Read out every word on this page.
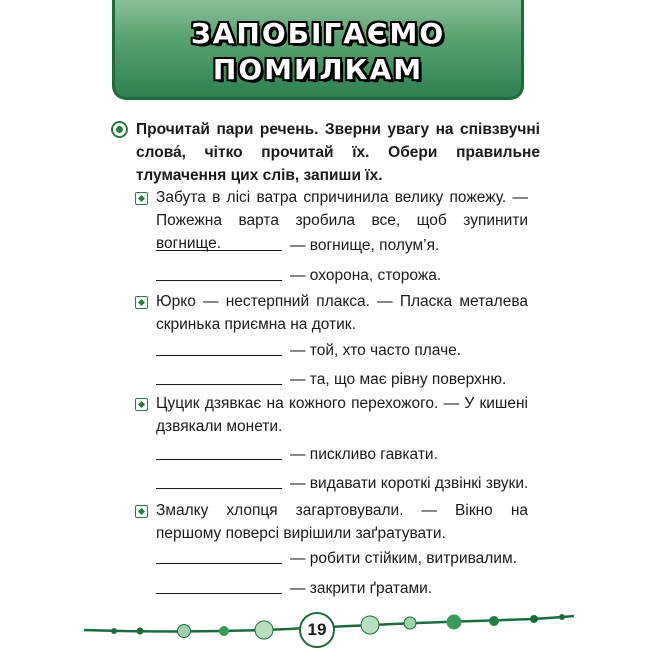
ЗАПОБІГАЄМО
ПОМИЛКАМ
Прочитай пари речень. Зверни увагу на співзвучні слова́, чітко прочитай їх. Обери правильне тлумачення цих слів, запиши їх.
Забута в лісі ватра спричинила велику пожежу. — Пожежна варта зробила все, щоб зупинити вогнище.	— вогнище, полум’я.
— охорона, сторожа.
Юрко — нестерпний плакса. — Пласка металева скринька приємна на дотик.
— той, хто часто плаче.
— та, що має рівну поверхню.
Цуцик дзявкає на кожного перехожого. — У кишені дзвякали монети.
— пискливо гавкати.
— видавати короткі дзвінкі звуки.
Змалку хлопця загартовували. — Вікно на першому поверсі вирішили заґратувати.
— робити стійким, витривалим.
— закрити ґратами.
19
